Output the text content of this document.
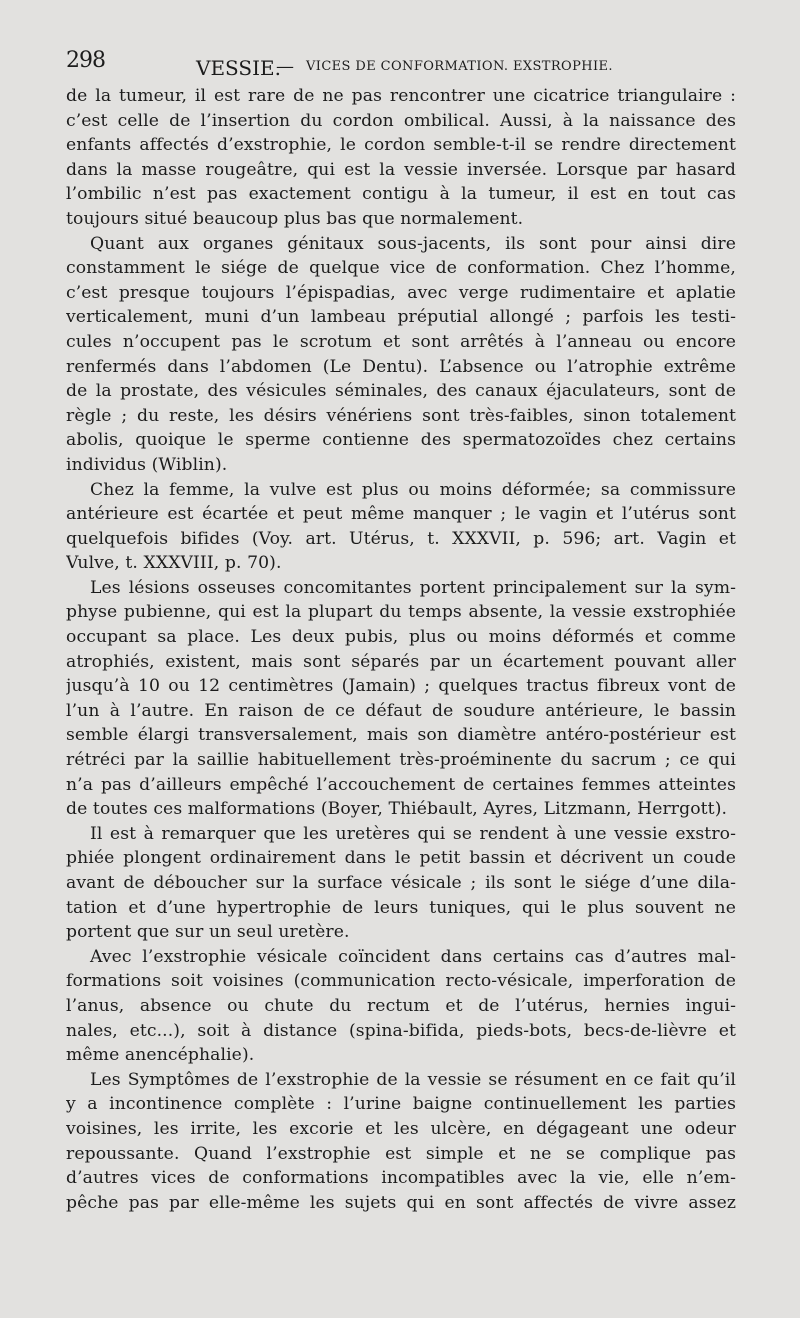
298	VESSIE.
— VICES DE CONFORMATION. EXSTROPHIE.

de la tumeur, il est rare de ne pas rencontrer une cicatrice triangulaire :
c’est celle de l’insertion du cordon ombilical. Aussi, à la naissance des
enfants affectés d’exstrophie, le cordon semble-t-il se rendre directement
dans la masse rougeâtre, qui est la vessie inversée. Lorsque par hasard
l’ombilic n’est pas exactement contigu à la tumeur, il est en tout cas
toujours situé beaucoup plus bas que normalement.

Quant aux organes génitaux sous-jacents, ils sont pour ainsi dire
constamment le siége de quelque vice de conformation. Chez l’homme,
c’est presque toujours l’épispadias, avec verge rudimentaire et aplatie
verticalement, muni d’un lambeau préputial allongé ; parfois les testi-
cules n’occupent pas le scrotum et sont arrêtés à l’anneau ou encore
renfermés dans l’abdomen (Le Dentu). L’absence ou l’atrophie extrême
de la prostate, des vésicules séminales, des canaux éjaculateurs, sont de
règle ; du reste, les désirs vénériens sont très-faibles, sinon totalement
abolis, quoique le sperme contienne des spermatozoïdes chez certains
individus (Wiblin).

Chez la femme, la vulve est plus ou moins déformée; sa commissure
antérieure est écartée et peut même manquer ; le vagin et l’utérus sont
quelquefois bifides (Voy. art. Utérus, t. XXXVII, p. 596; art. Vagin et
Vulve, t. XXXVIII, p. 70).

Les lésions osseuses concomitantes portent principalement sur la sym-
physe pubienne, qui est la plupart du temps absente, la vessie exstrophiée
occupant sa place. Les deux pubis, plus ou moins déformés et comme
atrophiés, existent, mais sont séparés par un écartement pouvant aller
jusqu’à 10 ou 12 centimètres (Jamain) ; quelques tractus fibreux vont de
l’un à l’autre. En raison de ce défaut de soudure antérieure, le bassin
semble élargi transversalement, mais son diamètre antéro-postérieur est
rétréci par la saillie habituellement très-proéminente du sacrum ; ce qui
n’a pas d’ailleurs empêché l’accouchement de certaines femmes atteintes
de toutes ces malformations (Boyer, Thiébault, Ayres, Litzmann, Herrgott).

Il est à remarquer que les uretères qui se rendent à une vessie exstro-
phiée plongent ordinairement dans le petit bassin et décrivent un coude
avant de déboucher sur la surface vésicale ; ils sont le siége d’une dila-
tation et d’une hypertrophie de leurs tuniques, qui le plus souvent ne
portent que sur un seul uretère.

Avec l’exstrophie vésicale coïncident dans certains cas d’autres mal-
formations soit voisines (communication recto-vésicale, imperforation de
l’anus, absence ou chute du rectum et de l’utérus, hernies ingui-
nales, etc...), soit à distance (spina-bifida, pieds-bots, becs-de-lièvre et
même anencéphalie).

Les Symptômes de l’exstrophie de la vessie se résument en ce fait qu’il
y a incontinence complète : l’urine baigne continuellement les parties
voisines, les irrite, les excorie et les ulcère, en dégageant une odeur
repoussante. Quand l’exstrophie est simple et ne se complique pas
d’autres vices de conformations incompatibles avec la vie, elle n’em-
pêche pas par elle-même les sujets qui en sont affectés de vivre assez
